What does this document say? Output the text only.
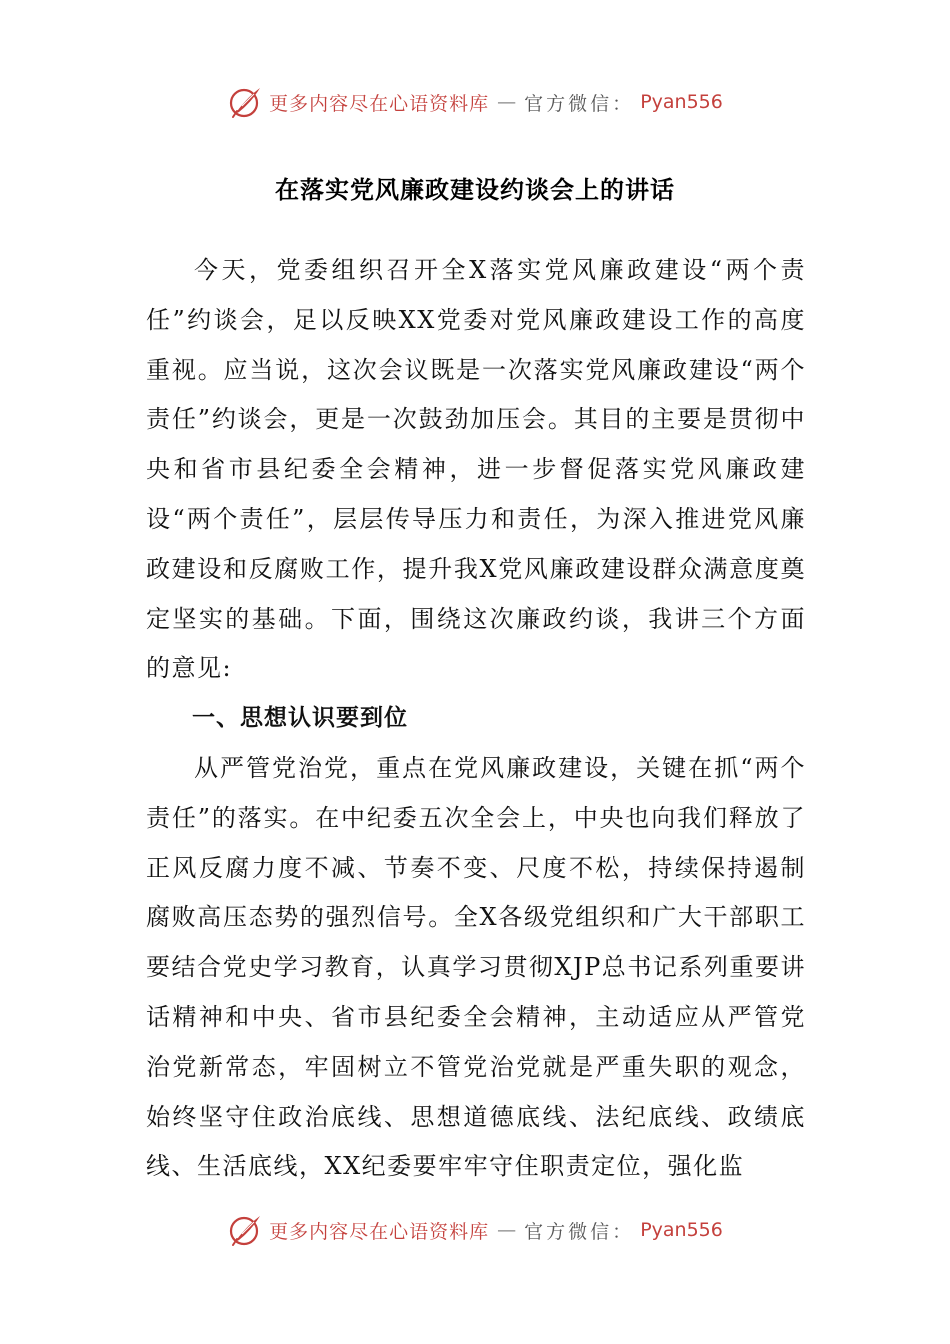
更多内容尽在心语资料库 — 官方微信： Pyan556
在落实党风廉政建设约谈会上的讲话

今天，党委组织召开全X落实党风廉政建设“两个责任”约谈会，足以反映XX党委对党风廉政建设工作的高度重视。应当说，这次会议既是一次落实党风廉政建设“两个责任”约谈会，更是一次鼓劲加压会。其目的主要是贯彻中央和省市县纪委全会精神，进一步督促落实党风廉政建设“两个责任”，层层传导压力和责任，为深入推进党风廉政建设和反腐败工作，提升我X党风廉政建设群众满意度奠定坚实的基础。下面，围绕这次廉政约谈，我讲三个方面的意见:

一、思想认识要到位

从严管党治党，重点在党风廉政建设，关键在抓“两个责任”的落实。在中纪委五次全会上，中央也向我们释放了正风反腐力度不减、节奏不变、尺度不松，持续保持遏制腐败高压态势的强烈信号。全X各级党组织和广大干部职工要结合党史学习教育，认真学习贯彻XJP总书记系列重要讲话精神和中央、省市县纪委全会精神，主动适应从严管党治党新常态，牢固树立不管党治党就是严重失职的观念，始终坚守住政治底线、思想道德底线、法纪底线、政绩底线、生活底线，XX纪委要牢牢守住职责定位，强化监

更多内容尽在心语资料库 — 官方微信： Pyan556
